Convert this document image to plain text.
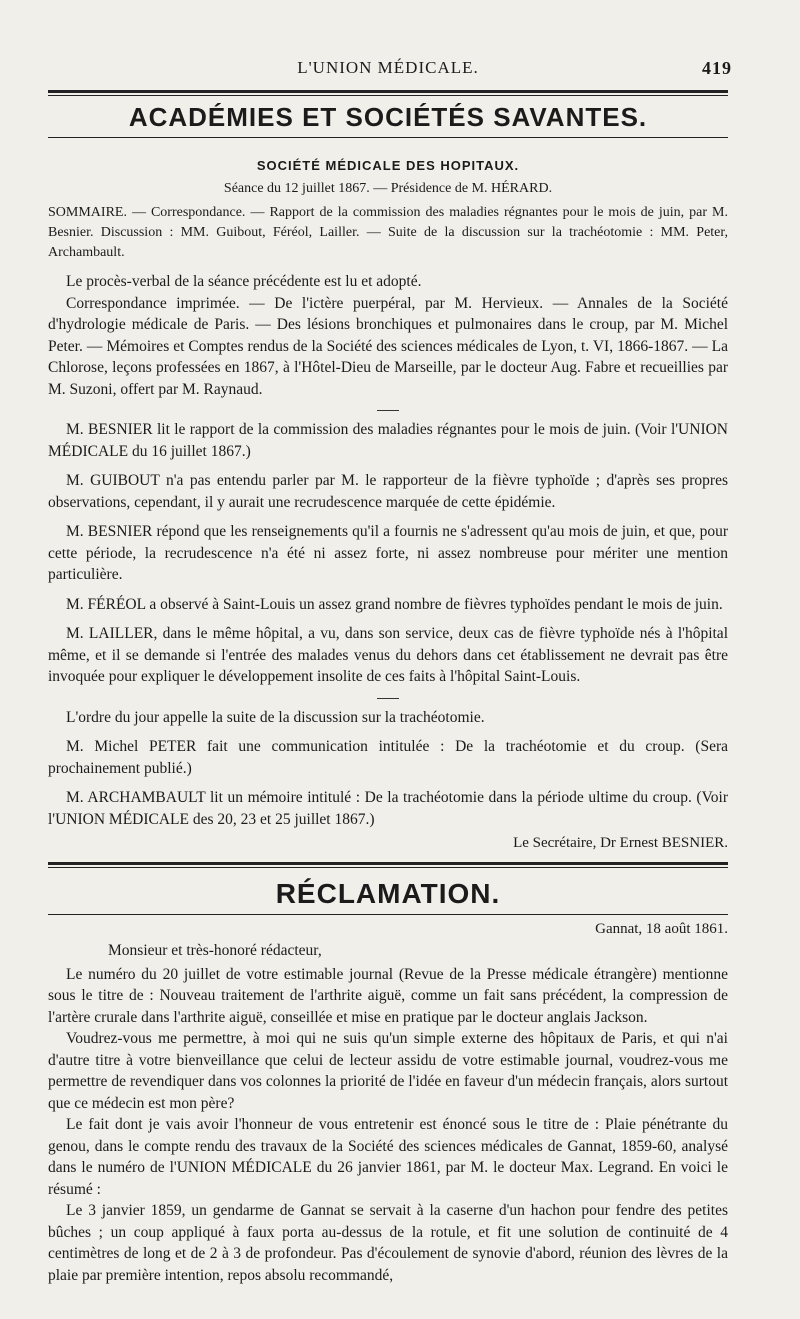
L'UNION MÉDICALE.	419
ACADÉMIES ET SOCIÉTÉS SAVANTES.
SOCIÉTÉ MÉDICALE DES HOPITAUX.
Séance du 12 juillet 1867. — Présidence de M. HÉRARD.

SOMMAIRE. — Correspondance. — Rapport de la commission des maladies régnantes pour le mois de juin, par M. Besnier. Discussion : MM. Guibout, Féréol, Lailler. — Suite de la discussion sur la trachéotomie : MM. Peter, Archambault.

Le procès-verbal de la séance précédente est lu et adopté.

Correspondance imprimée. — De l'ictère puerpéral, par M. Hervieux. — Annales de la Société d'hydrologie médicale de Paris. — Des lésions bronchiques et pulmonaires dans le croup, par M. Michel Peter. — Mémoires et Comptes rendus de la Société des sciences médicales de Lyon, t. VI, 1866-1867. — La Chlorose, leçons professées en 1867, à l'Hôtel-Dieu de Marseille, par le docteur Aug. Fabre et recueillies par M. Suzoni, offert par M. Raynaud.

M. BESNIER lit le rapport de la commission des maladies régnantes pour le mois de juin. (Voir l'UNION MÉDICALE du 16 juillet 1867.)

M. GUIBOUT n'a pas entendu parler par M. le rapporteur de la fièvre typhoïde ; d'après ses propres observations, cependant, il y aurait une recrudescence marquée de cette épidémie.

M. BESNIER répond que les renseignements qu'il a fournis ne s'adressent qu'au mois de juin, et que, pour cette période, la recrudescence n'a été ni assez forte, ni assez nombreuse pour mériter une mention particulière.

M. FÉRÉOL a observé à Saint-Louis un assez grand nombre de fièvres typhoïdes pendant le mois de juin.

M. LAILLER, dans le même hôpital, a vu, dans son service, deux cas de fièvre typhoïde nés à l'hôpital même, et il se demande si l'entrée des malades venus du dehors dans cet établissement ne devrait pas être invoquée pour expliquer le développement insolite de ces faits à l'hôpital Saint-Louis.

L'ordre du jour appelle la suite de la discussion sur la trachéotomie.

M. Michel PETER fait une communication intitulée : De la trachéotomie et du croup. (Sera prochainement publié.)

M. ARCHAMBAULT lit un mémoire intitulé : De la trachéotomie dans la période ultime du croup. (Voir l'UNION MÉDICALE des 20, 23 et 25 juillet 1867.)

Le Secrétaire, Dr Ernest BESNIER.
RÉCLAMATION.
Gannat, 18 août 1861.

Monsieur et très-honoré rédacteur,

Le numéro du 20 juillet de votre estimable journal (Revue de la Presse médicale étrangère) mentionne sous le titre de : Nouveau traitement de l'arthrite aiguë, comme un fait sans précédent, la compression de l'artère crurale dans l'arthrite aiguë, conseillée et mise en pratique par le docteur anglais Jackson.

Voudrez-vous me permettre, à moi qui ne suis qu'un simple externe des hôpitaux de Paris, et qui n'ai d'autre titre à votre bienveillance que celui de lecteur assidu de votre estimable journal, voudrez-vous me permettre de revendiquer dans vos colonnes la priorité de l'idée en faveur d'un médecin français, alors surtout que ce médecin est mon père?

Le fait dont je vais avoir l'honneur de vous entretenir est énoncé sous le titre de : Plaie pénétrante du genou, dans le compte rendu des travaux de la Société des sciences médicales de Gannat, 1859-60, analysé dans le numéro de l'UNION MÉDICALE du 26 janvier 1861, par M. le docteur Max. Legrand. En voici le résumé :

Le 3 janvier 1859, un gendarme de Gannat se servait à la caserne d'un hachon pour fendre des petites bûches ; un coup appliqué à faux porta au-dessus de la rotule, et fit une solution de continuité de 4 centimètres de long et de 2 à 3 de profondeur. Pas d'écoulement de synovie d'abord, réunion des lèvres de la plaie par première intention, repos absolu recommandé,
